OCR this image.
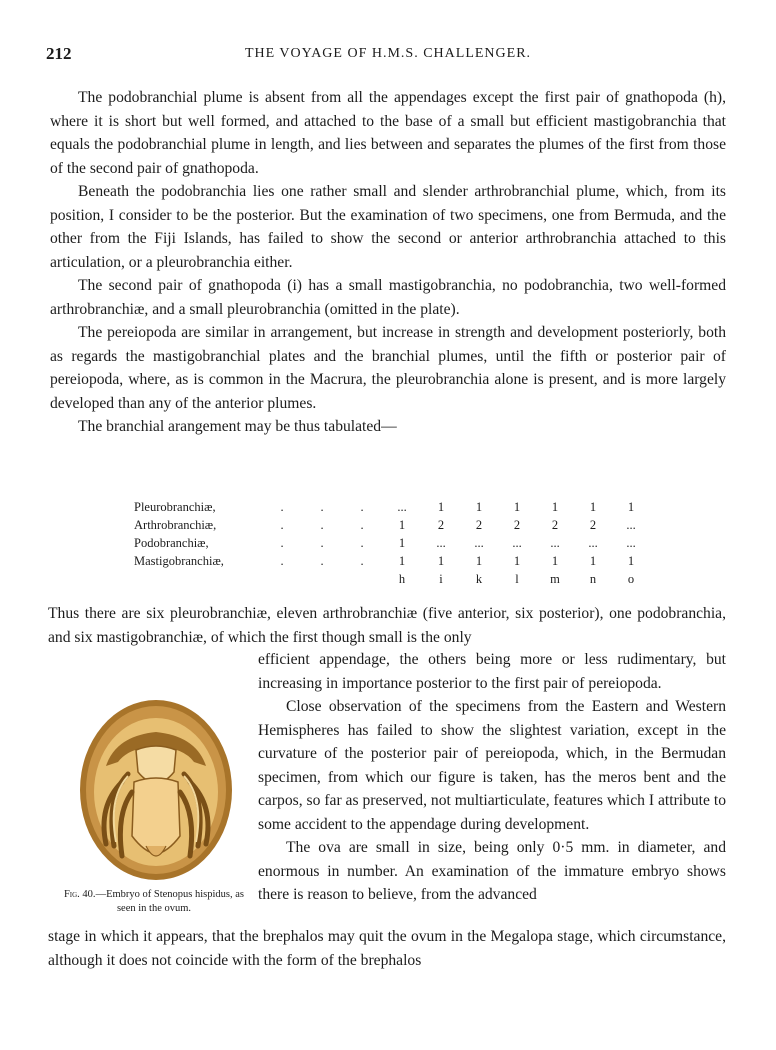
212	THE VOYAGE OF H.M.S. CHALLENGER.

The podobranchial plume is absent from all the appendages except the first pair of gnathopoda (h), where it is short but well formed, and attached to the base of a small but efficient mastigobranchia that equals the podobranchial plume in length, and lies between and separates the plumes of the first from those of the second pair of gnathopoda.

Beneath the podobranchia lies one rather small and slender arthrobranchial plume, which, from its position, I consider to be the posterior. But the examination of two specimens, one from Bermuda, and the other from the Fiji Islands, has failed to show the second or anterior arthrobranchia attached to this articulation, or a pleurobranchia either.

The second pair of gnathopoda (i) has a small mastigobranchia, no podobranchia, two well-formed arthrobranchiæ, and a small pleurobranchia (omitted in the plate).

The pereiopoda are similar in arrangement, but increase in strength and development posteriorly, both as regards the mastigobranchial plates and the branchial plumes, until the fifth or posterior pair of pereiopoda, where, as is common in the Macrura, the pleurobranchia alone is present, and is more largely developed than any of the anterior plumes.

The branchial arangement may be thus tabulated—

Pleurobranchiæ,	.	.	.	...	1	1	1	1	1	1
Arthrobranchiæ,	.	.	.	1	2	2	2	2	2	...
Podobranchiæ,	.	.	.	1	...	...	...	...	...	...
Mastigobranchiæ,	.	.	.	1	1	1	1	1	1	1
				h	i	k	l	m	n	o

Thus there are six pleurobranchiæ, eleven arthrobranchiæ (five anterior, six posterior), one podobranchia, and six mastigobranchiæ, of which the first though small is the only

Fig. 40.—Embryo of Stenopus hispidus, as seen in the ovum.

efficient appendage, the others being more or less rudimentary, but increasing in importance posterior to the first pair of pereiopoda.

Close observation of the specimens from the Eastern and Western Hemispheres has failed to show the slightest variation, except in the curvature of the posterior pair of pereiopoda, which, in the Bermudan specimen, from which our figure is taken, has the meros bent and the carpos, so far as preserved, not multiarticulate, features which I attribute to some accident to the appendage during development.

The ova are small in size, being only 0·5 mm. in diameter, and enormous in number. An examination of the immature embryo shows there is reason to believe, from the advanced

stage in which it appears, that the brephalos may quit the ovum in the Megalopa stage, which circumstance, although it does not coincide with the form of the brephalos
